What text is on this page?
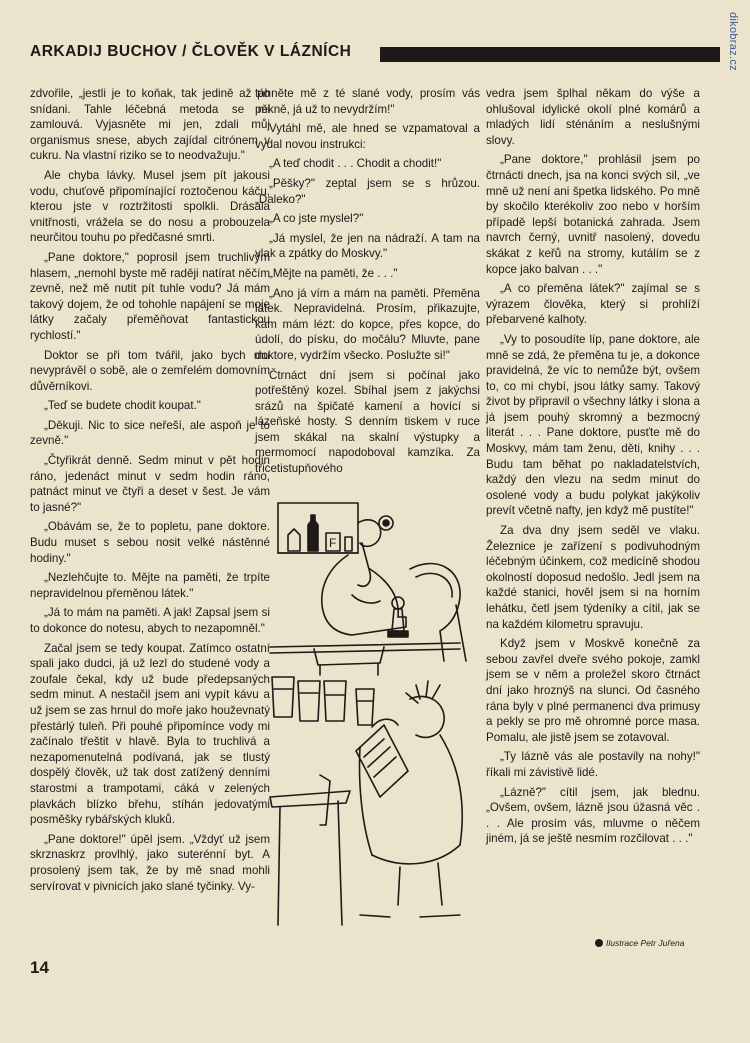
ARKADIJ BUCHOV / ČLOVĚK V LÁZNÍCH	dikobraz.cz

zdvořile, „jestli je to koňak, tak jedině až po snídani. Tahle léčebná metoda se mi zamlouvá. Vyjasněte mi jen, zdali můj organismus snese, abych zajídal citrónem v cukru. Na vlastní riziko se to neodvažuju."

Ale chyba lávky. Musel jsem pít jakousi vodu, chuťově připomínající roztočenou káču, kterou jste v roztržitosti spolkli. Drásala vnitřnosti, vrážela se do nosu a probouzela neurčitou touhu po předčasné smrti.

„Pane doktore," poprosil jsem truchlivým hlasem, „nemohl byste mě raději natírat něčím zevně, než mě nutit pít tuhle vodu? Já mám takový dojem, že od tohohle napájení se moje látky začaly přeměňovat fantastickou rychlostí."

Doktor se při tom tvářil, jako bych mu nevyprávěl o sobě, ale o zemřelém domovním důvěrníkovi.

„Teď se budete chodit koupat."

„Děkuji. Nic to sice neřeší, ale aspoň je to zevně."

„Čtyřikrát denně. Sedm minut v pět hodin ráno, jedenáct minut v sedm hodin ráno, patnáct minut ve čtyři a deset v šest. Je vám to jasné?"

„Obávám se, že to popletu, pane doktore. Budu muset s sebou nosit velké nástěnné hodiny."

„Nezlehčujte to. Mějte na paměti, že trpíte nepravidelnou přeměnou látek."

„Já to mám na paměti. A jak! Zapsal jsem si to dokonce do notesu, abych to nezapomněl."

Začal jsem se tedy koupat. Zatímco ostatní spali jako dudci, já už lezl do studené vody a zoufale čekal, kdy už bude předepsaných sedm minut. A nestačil jsem ani vypít kávu a už jsem se zas hrnul do moře jako houževnatý přestárlý tuleň. Při pouhé připomínce vody mi začínalo třeštit v hlavě. Byla to truchlivá a nezapomenutelná podívaná, jak se tlustý dospělý člověk, už tak dost zatížený denními starostmi a trampotami, cáká v zelených plavkách blízko břehu, stíhán jedovatými posměšky rybářských kluků.

„Pane doktore!" úpěl jsem. „Vždyť už jsem skrznaskrz provlhlý, jako suterénní byt. A prosolený jsem tak, že by mě snad mohli servírovat v pivnicích jako slané tyčinky. Vy-

táhněte mě z té slané vody, prosím vás pěkně, já už to nevydržím!"

Vytáhl mě, ale hned se vzpamatoval a vydal novou instrukci:

„A teď chodit . . . Chodit a chodit!"

„Pěšky?" zeptal jsem se s hrůzou. „Daleko?"

„A co jste myslel?"

„Já myslel, že jen na nádraží. A tam na vlak a zpátky do Moskvy."

„Mějte na paměti, že . . ."

„Ano já vím a mám na paměti. Přeměna látek. Nepravidelná. Prosím, přikazujte, kam mám lézt: do kopce, přes kopce, do údolí, do písku, do močálu? Mluvte, pane doktore, vydržím všecko. Poslužte si!"

Čtrnáct dní jsem si počínal jako potřeštěný kozel. Sbíhal jsem z jakýchsi srázů na špičaté kamení a hovící si lázeňské hosty. S denním tiskem v ruce jsem skákal na skalní výstupky a mermomocí napodoboval kamzíka. Za třicetistupňového

vedra jsem šplhal někam do výše a ohlušoval idylické okolí plné komárů a mladých lidí sténáním a neslušnými slovy.

„Pane doktore," prohlásil jsem po čtrnácti dnech, jsa na konci svých sil, „ve mně už není ani špetka lidského. Po mně by skočilo kterékoliv zoo nebo v horším případě lepší botanická zahrada. Jsem navrch černý, uvnitř nasolený, dovedu skákat z keřů na stromy, kutálím se z kopce jako balvan . . ."

„A co přeměna látek?" zajímal se s výrazem člověka, který si prohlíží přebarvené kalhoty.

„Vy to posoudíte líp, pane doktore, ale mně se zdá, že přeměna tu je, a dokonce pravidelná, že víc to nemůže být, ovšem to, co mi chybí, jsou látky samy. Takový život by připravil o všechny látky i slona a já jsem pouhý skromný a bezmocný literát . . . Pane doktore, pusťte mě do Moskvy, mám tam ženu, děti, knihy . . . Budu tam běhat po nakladatelstvích, každý den vlezu na sedm minut do osolené vody a budu polykat jakýkoliv prevít včetně nafty, jen když mě pustíte!"

Za dva dny jsem seděl ve vlaku. Železnice je zařízení s podivuhodným léčebným účinkem, což medicíně shodou okolností doposud nedošlo. Jedl jsem na každé stanici, hověl jsem si na horním lehátku, četl jsem týdeníky a cítil, jak se na každém kilometru spravuju.

Když jsem v Moskvě konečně za sebou zavřel dveře svého pokoje, zamkl jsem se v něm a proležel skoro čtrnáct dní jako hroznýš na slunci. Od časného rána byly v plné permanenci dva primusy a pekly se pro mě ohromné porce masa. Pomalu, ale jistě jsem se zotavoval.

„Ty lázně vás ale postavily na nohy!" říkali mi závistivě lidé.

„Lázně?" cítil jsem, jak blednu. „Ovšem, ovšem, lázně jsou úžasná věc . . . Ale prosím vás, mluvme o něčem jiném, já se ještě nesmím rozčilovat . . ."

F
Ilustrace Petr Juřena
14
